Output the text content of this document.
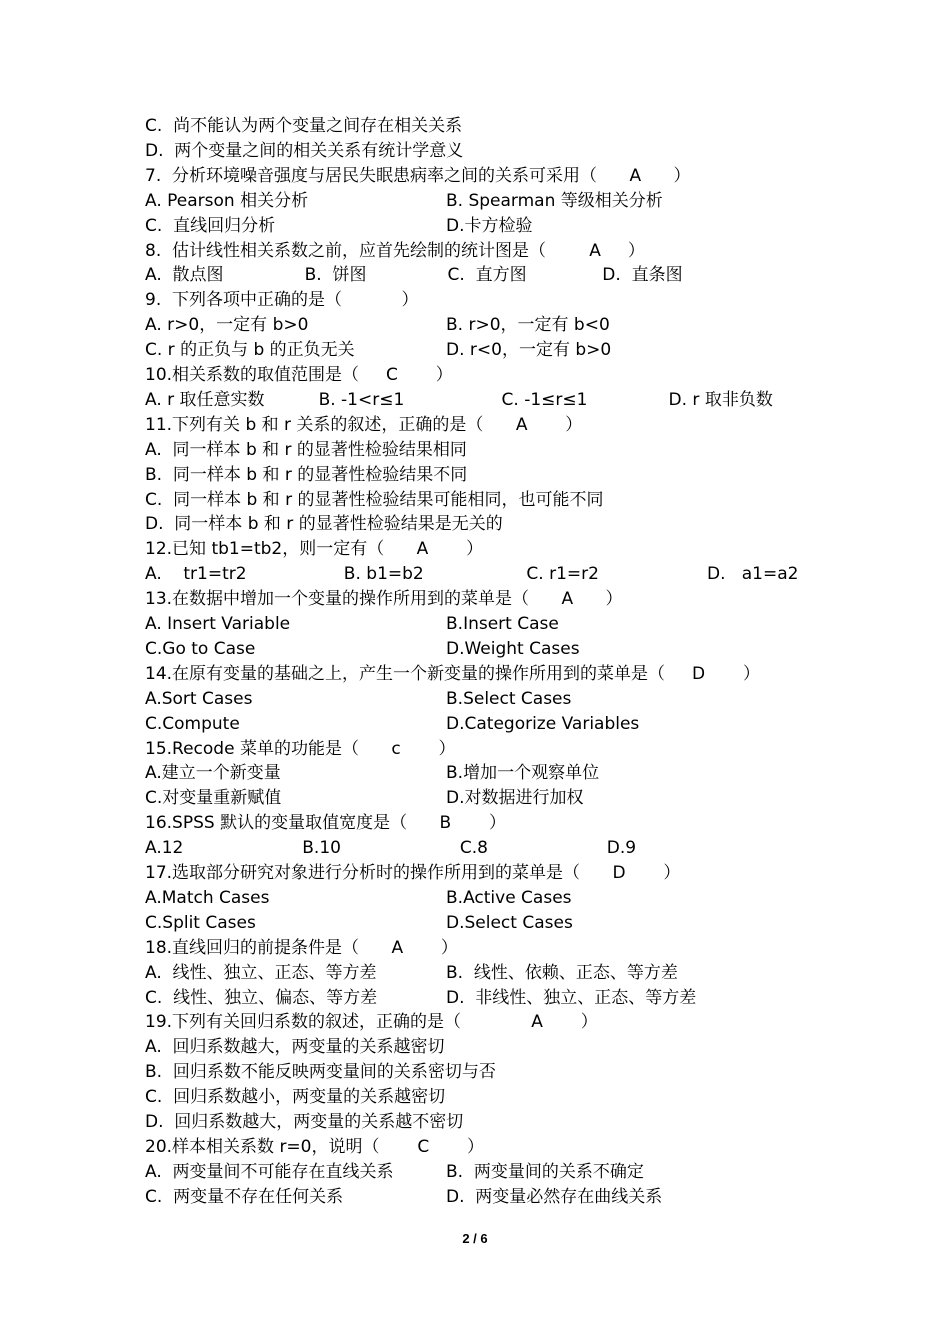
C.  尚不能认为两个变量之间存在相关关系
D.  两个变量之间的相关关系有统计学意义
7.  分析环境噪音强度与居民失眠患病率之间的关系可采用（      A      ）
A. Pearson 相关分析	B. Spearman 等级相关分析
C.  直线回归分析	D.卡方检验
8.  估计线性相关系数之前，应首先绘制的统计图是（        A     ）
A.  散点图               B.  饼图               C.  直方图              D.  直条图
9.  下列各项中正确的是（           ）
A. r>0，一定有 b>0	B. r>0，一定有 b<0
C. r 的正负与 b 的正负无关	D. r<0，一定有 b>0
10.相关系数的取值范围是（     C       ）
A. r 取任意实数          B. -1<r≤1                  C. -1≤r≤1               D. r 取非负数
11.下列有关 b 和 r 关系的叙述，正确的是（      A       ）
A.  同一样本 b 和 r 的显著性检验结果相同
B.  同一样本 b 和 r 的显著性检验结果不同
C.  同一样本 b 和 r 的显著性检验结果可能相同，也可能不同
D.  同一样本 b 和 r 的显著性检验结果是无关的
12.已知 tb1=tb2，则一定有（      A       ）
A.    tr1=tr2                  B. b1=b2                   C. r1=r2                    D.   a1=a2
13.在数据中增加一个变量的操作所用到的菜单是（      A      ）
A. Insert Variable	B.Insert Case
C.Go to Case	D.Weight Cases
14.在原有变量的基础之上，产生一个新变量的操作所用到的菜单是（     D       ）
A.Sort Cases	B.Select Cases
C.Compute	D.Categorize Variables
15.Recode 菜单的功能是（      c       ）
A.建立一个新变量	B.增加一个观察单位
C.对变量重新赋值	D.对数据进行加权
16.SPSS 默认的变量取值宽度是（      B       ）
A.12                      B.10                      C.8                      D.9
17.选取部分研究对象进行分析时的操作所用到的菜单是（      D       ）
A.Match Cases	B.Active Cases
C.Split Cases	D.Select Cases
18.直线回归的前提条件是（      A       ）
A.  线性、独立、正态、等方差	B.  线性、依赖、正态、等方差
C.  线性、独立、偏态、等方差	D.  非线性、独立、正态、等方差
19.下列有关回归系数的叙述，正确的是（             A       ）
A.  回归系数越大，两变量的关系越密切
B.  回归系数不能反映两变量间的关系密切与否
C.  回归系数越小，两变量的关系越密切
D.  回归系数越大，两变量的关系越不密切
20.样本相关系数 r=0，说明（       C       ）
A.  两变量间不可能存在直线关系	B.  两变量间的关系不确定
C.  两变量不存在任何关系	D.  两变量必然存在曲线关系
2 / 6
